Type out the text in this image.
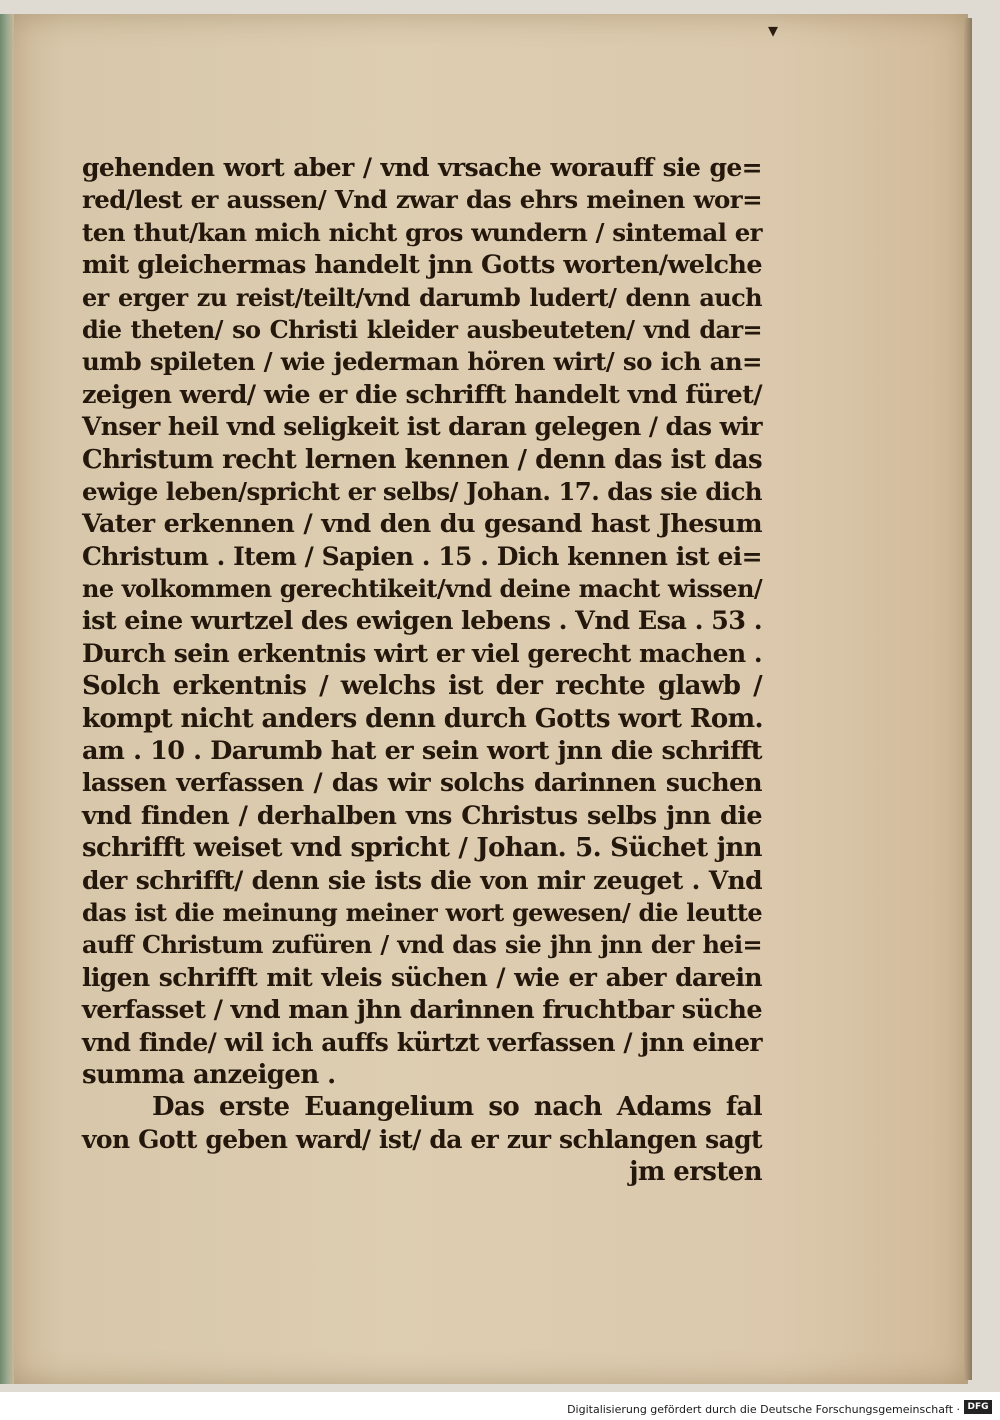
▾
gehenden wort aber / vnd vrsache worauff sie ge=
red/lest er aussen/ Vnd zwar das ehrs meinen wor=
ten thut/kan mich nicht gros wundern / sintemal er
mit gleichermas handelt jnn Gotts worten/welche
er erger zu reist/teilt/vnd darumb ludert/ denn auch
die theten/ so Christi kleider ausbeuteten/ vnd dar=
umb spileten / wie jederman hören wirt/ so ich an=
zeigen werd/ wie er die schrifft handelt vnd füret/
Vnser heil vnd seligkeit ist daran gelegen / das wir
Christum recht lernen kennen / denn das ist das
ewige leben/spricht er selbs/ Johan. 17. das sie dich
Vater erkennen / vnd den du gesand hast Jhesum
Christum . Item / Sapien . 15 . Dich kennen ist ei=
ne volkommen gerechtikeit/vnd deine macht wissen/
ist eine wurtzel des ewigen lebens . Vnd Esa . 53 .
Durch sein erkentnis wirt er viel gerecht machen .
Solch erkentnis / welchs ist der rechte glawb /
kompt nicht anders denn durch Gotts wort Rom.
am . 10 . Darumb hat er sein wort jnn die schrifft
lassen verfassen / das wir solchs darinnen suchen
vnd finden / derhalben vns Christus selbs jnn die
schrifft weiset vnd spricht / Johan. 5. Süchet jnn
der schrifft/ denn sie ists die von mir zeuget . Vnd
das ist die meinung meiner wort gewesen/ die leutte
auff Christum zufüren / vnd das sie jhn jnn der hei=
ligen schrifft mit vleis süchen / wie er aber darein
verfasset / vnd man jhn darinnen fruchtbar süche
vnd finde/ wil ich auffs kürtzt verfassen / jnn einer
summa anzeigen .
Das erste Euangelium so nach Adams fal
von Gott geben ward/ ist/ da er zur schlangen sagt
jm ersten
Digitalisierung gefördert durch die Deutsche Forschungsgemeinschaft · DFG
